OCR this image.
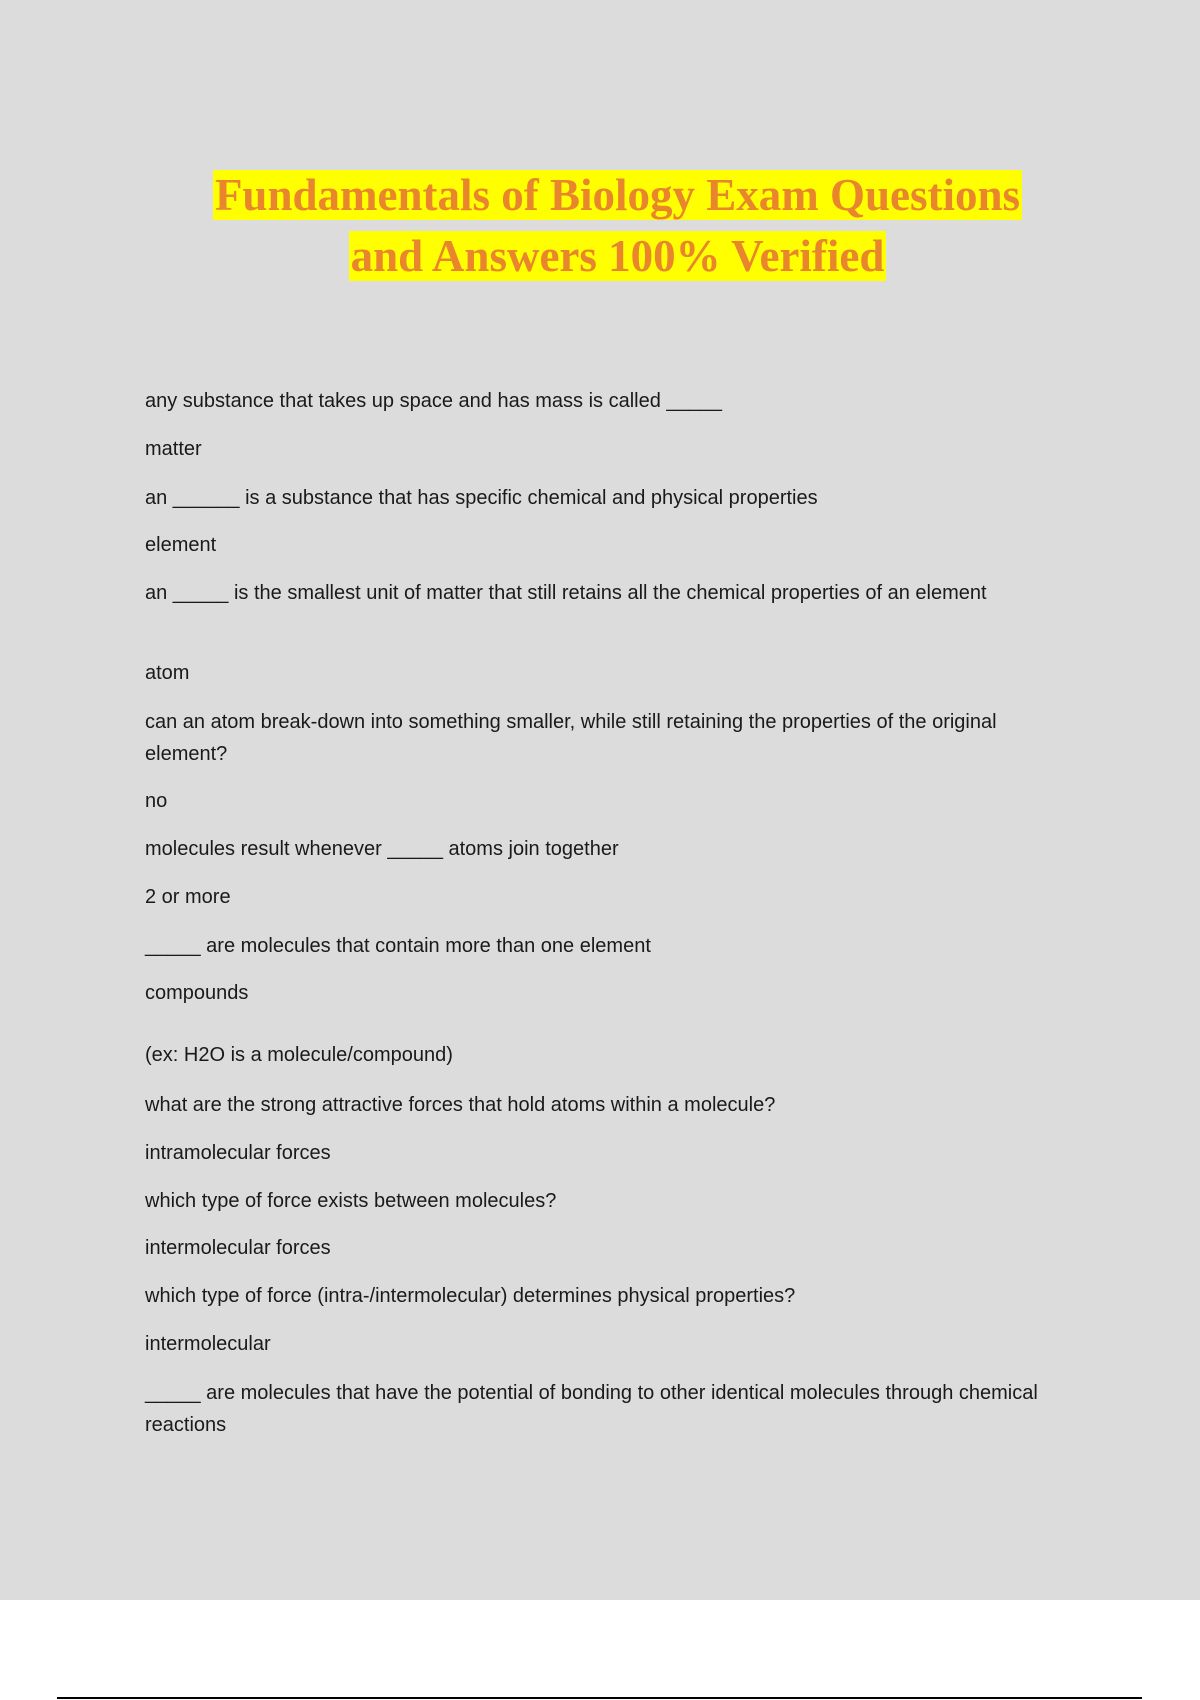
Fundamentals of Biology Exam Questions
and Answers 100% Verified
any substance that takes up space and has mass is called _____
matter
an ______ is a substance that has specific chemical and physical properties
element
an _____ is the smallest unit of matter that still retains all the chemical properties of an element
atom
can an atom break-down into something smaller, while still retaining the properties of the original element?
no
molecules result whenever _____ atoms join together
2 or more
_____ are molecules that contain more than one element
compounds
(ex: H2O is a molecule/compound)
what are the strong attractive forces that hold atoms within a molecule?
intramolecular forces
which type of force exists between molecules?
intermolecular forces
which type of force (intra-/intermolecular) determines physical properties?
intermolecular
_____ are molecules that have the potential of bonding to other identical molecules through chemical reactions
